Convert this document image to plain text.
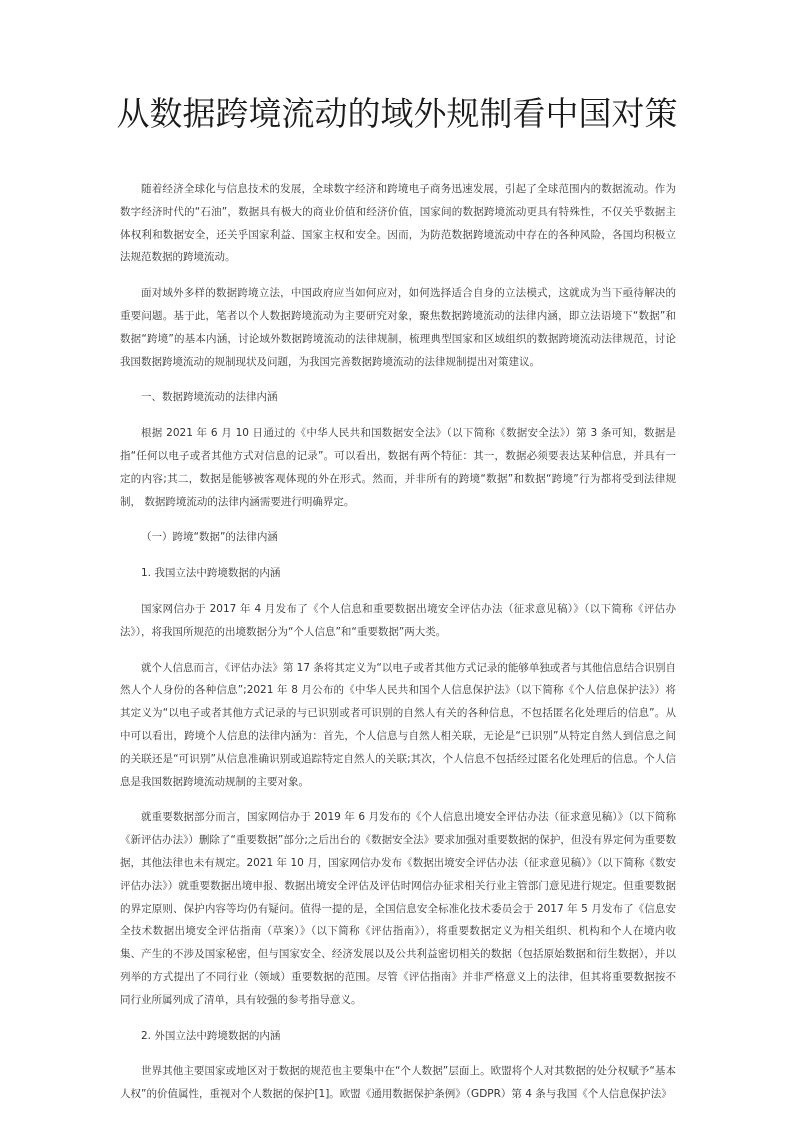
从数据跨境流动的域外规制看中国对策

随着经济全球化与信息技术的发展，全球数字经济和跨境电子商务迅速发展，引起了全球范围内的数据流动。作为数字经济时代的“石油”，数据具有极大的商业价值和经济价值，国家间的数据跨境流动更具有特殊性，不仅关乎数据主体权利和数据安全，还关乎国家利益、国家主权和安全。因而，为防范数据跨境流动中存在的各种风险，各国均积极立法规范数据的跨境流动。

面对域外多样的数据跨境立法，中国政府应当如何应对，如何选择适合自身的立法模式，这就成为当下亟待解决的重要问题。基于此，笔者以个人数据跨境流动为主要研究对象，聚焦数据跨境流动的法律内涵，即立法语境下“数据”和数据“跨境”的基本内涵，讨论域外数据跨境流动的法律规制，梳理典型国家和区域组织的数据跨境流动法律规范，讨论我国数据跨境流动的规制现状及问题，为我国完善数据跨境流动的法律规制提出对策建议。

一、数据跨境流动的法律内涵

根据 2021 年 6 月 10 日通过的《中华人民共和国数据安全法》（以下简称《数据安全法》）第 3 条可知，数据是指“任何以电子或者其他方式对信息的记录”。可以看出，数据有两个特征：其一，数据必须要表达某种信息，并具有一定的内容;其二，数据是能够被客观体现的外在形式。然而，并非所有的跨境“数据”和数据“跨境”行为都将受到法律规制， 数据跨境流动的法律内涵需要进行明确界定。

（一）跨境“数据”的法律内涵

1. 我国立法中跨境数据的内涵

国家网信办于 2017 年 4 月发布了《个人信息和重要数据出境安全评估办法（征求意见稿）》（以下简称《评估办法》），将我国所规范的出境数据分为“个人信息”和“重要数据”两大类。

就个人信息而言，《评估办法》第 17 条将其定义为“以电子或者其他方式记录的能够单独或者与其他信息结合识别自然人个人身份的各种信息”;2021 年 8 月公布的《中华人民共和国个人信息保护法》（以下简称《个人信息保护法》）将其定义为“以电子或者其他方式记录的与已识别或者可识别的自然人有关的各种信息，不包括匿名化处理后的信息”。从中可以看出，跨境个人信息的法律内涵为：首先，个人信息与自然人相关联，无论是“已识别”从特定自然人到信息之间的关联还是“可识别”从信息准确识别或追踪特定自然人的关联;其次，个人信息不包括经过匿名化处理后的信息。个人信息是我国数据跨境流动规制的主要对象。

就重要数据部分而言，国家网信办于 2019 年 6 月发布的《个人信息出境安全评估办法（征求意见稿）》（以下简称《新评估办法》）删除了“重要数据”部分;之后出台的《数据安全法》要求加强对重要数据的保护，但没有界定何为重要数据，其他法律也未有规定。2021 年 10 月，国家网信办发布《数据出境安全评估办法（征求意见稿）》（以下简称《数安评估办法》）就重要数据出境申报、数据出境安全评估及评估时网信办征求相关行业主管部门意见进行规定。但重要数据的界定原则、保护内容等均仍有疑问。值得一提的是，全国信息安全标准化技术委员会于 2017 年 5 月发布了《信息安全技术数据出境安全评估指南（草案）》（以下简称《评估指南》），将重要数据定义为相关组织、机构和个人在境内收集、产生的不涉及国家秘密，但与国家安全、经济发展以及公共利益密切相关的数据（包括原始数据和衍生数据），并以列举的方式提出了不同行业（领域）重要数据的范围。尽管《评估指南》并非严格意义上的法律，但其将重要数据按不同行业所属列成了清单，具有较强的参考指导意义。

2. 外国立法中跨境数据的内涵

世界其他主要国家或地区对于数据的规范也主要集中在“个人数据”层面上。欧盟将个人对其数据的处分权赋予“基本人权”的价值属性，重视对个人数据的保护[1]。欧盟《通用数据保护条例》（GDPR）第 4 条与我国《个人信息保护法》
